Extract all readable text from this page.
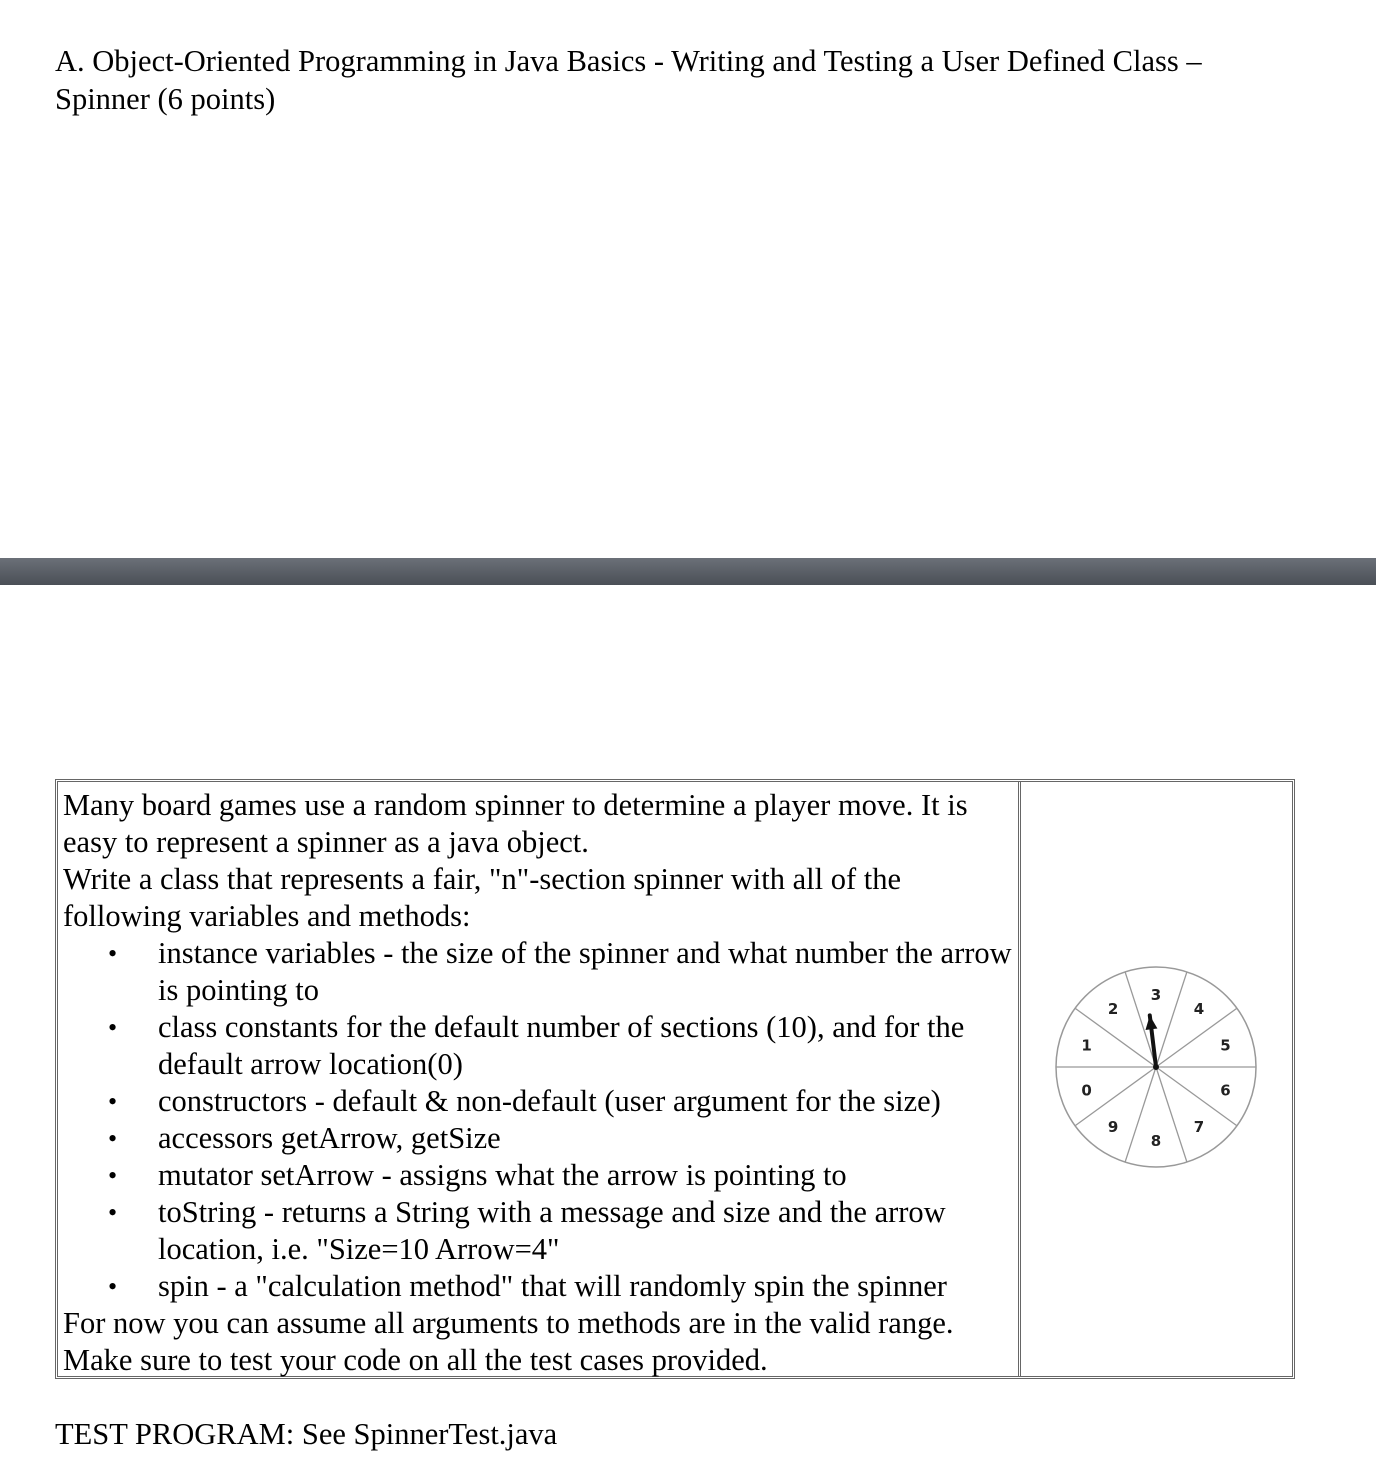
A. Object-Oriented Programming in Java Basics - Writing and Testing a User Defined Class –
Spinner (6 points)

Many board games use a random spinner to determine a player move. It is easy to represent a spinner as a java object.

Write a class that represents a fair, "n"-section spinner with all of the following variables and methods:

• instance variables - the size of the spinner and what number the arrow is pointing to
• class constants for the default number of sections (10), and for the default arrow location(0)
• constructors - default & non-default (user argument for the size)
• accessors getArrow, getSize
• mutator setArrow - assigns what the arrow is pointing to
• toString - returns a String with a message and size and the arrow location, i.e. "Size=10 Arrow=4"
• spin - a "calculation method" that will randomly spin the spinner

For now you can assume all arguments to methods are in the valid range.

Make sure to test your code on all the test cases provided.

0
1
2
3
4
5
6
7
8
9
TEST PROGRAM: See SpinnerTest.java
